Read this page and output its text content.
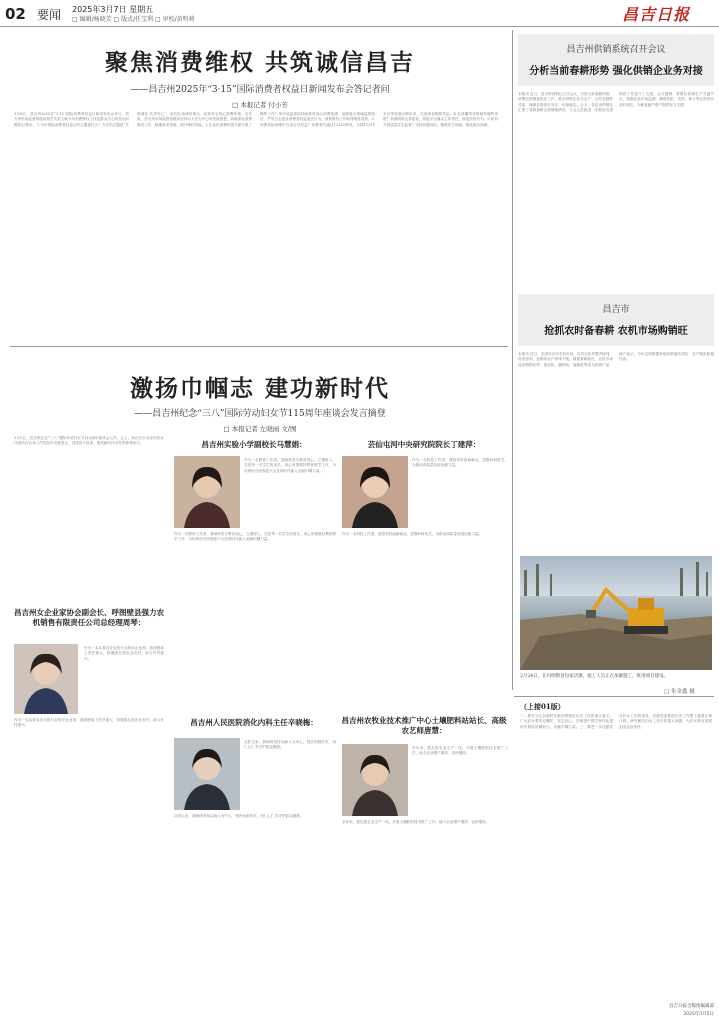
02 要闻 2025年3月7日 星期五
□ 编辑/杨晓芳 □ 版式/任宝利 □ 审校/黄明莉	昌吉日报
聚焦消费维权 共筑诚信昌吉
——昌吉州2025年“3·15”国际消费者权益日新闻发布会答记者问
□ 本报记者 付小芳
3月6日，昌吉州2025年“3·15”国际消费者权益日新闻发布会举行，昌吉州市场监督管理局相关负责人就今年消费维权工作及群众关心的热点问题答记者问。 1.今年国际消费者权益日的主题是什么？今年的主题是“共筑诚信 共享安心”，旨在弘扬诚信理念，营造安全放心消费环境。近年来，昌吉州市场监督管理局坚持以人民为中心的发展思想，持续深化消费维权工作，畅通诉求渠道，提升维权效能。2.在优化消费环境方面开展了哪些工作？州市场监管局持续推进放心消费创建，加强重点领域监管执法，严厉打击侵害消费者权益违法行为，消费维权工作取得明显成效。3.消费者如何维护自身合法权益？消费者可通过12315热线、全国12315平台等渠道反映诉求，注意保存购物凭证。4.在直播带货领域有哪些举措？加强网络交易监管，督促平台落实主体责任，规范经营行为。5.如何开展质量安全监管？坚持问题导向，聚焦民生领域，强化源头治理。
昌吉州供销系统召开会议
分析当前春耕形势 强化供销企业务对接
本报讯 近日，昌吉州供销社召开会议，分析当前春耕形势，部署农资储备供应工作，推动供销企业与农户、合作社精准对接，保障农资供应充足、价格稳定。会上，各县市供销社汇报了春耕备耕农资储备情况，与会人员就进一步做好农资保供工作进行了交流。会议强调，要紧盯春耕生产关键节点，加强农资市场监测，确保化肥、农药、种子等农资供应及时到位，为粮食稳产增产提供有力支撑。
昌吉市
抢抓农时备春耕 农机市场购销旺
本报讯 近日，走进昌吉市农机市场，各类农机具整齐排列，前来咨询、选购的农户络绎不绝。随着春耕临近，农机市场迎来销售旺季，拖拉机、播种机、旋耕机等成为热销产品。商户表示，今年农机购置补贴政策落实到位，农户购机积极性高。
2月24日，在玛纳斯县包家店镇，施工人员正在加紧施工，推进项目建设。
□ 朱金鑫 摄
激扬巾帼志 建功新时代
——昌吉州纪念“三八”国际劳动妇女节115周年座谈会发言摘登
□ 本报记者 左晓雨 文/图
3月5日，昌吉州纪念“三八”国际劳动妇女节115周年座谈会召开。会上，来自各行各业的妇女代表结合自身工作实际作交流发言，讲述奋斗故事，展现新时代女性的使命担当。
昌吉州女企业家协会副会长、呼图壁县强力农机销售有限责任公司总经理周琴：
作为一名从事农业农机行业的女企业家，我深感肩上责任重大，将继续扎根农业农村，助力乡村振兴。
作为一名从事农业农机行业的女企业家，我深感肩上责任重大，将继续扎根农业农村，助力乡村振兴。
昌吉州实验小学副校长马慧娟：
作为一名教育工作者，我始终坚守教育初心，立德树人，关爱每一名学生的成长，用心用情做好教育教学工作，为培养担当民族复兴大任的时代新人贡献巾帼力量。
作为一名教育工作者，我始终坚守教育初心，立德树人，关爱每一名学生的成长，用心用情做好教育教学工作，为培养担当民族复兴大任的时代新人贡献巾帼力量。
昌吉州人民医院消化内科主任辛晓梅：
从医以来，我始终坚持以病人为中心，刻苦钻研医术，用仁心仁术守护群众健康。
从医以来，我始终坚持以病人为中心，刻苦钻研医术，用仁心仁术守护群众健康。
芸仙屯河中央研究院院长丁建萍：
作为一名科技工作者，我将坚持创新驱动，加强科研攻关，为推动高质量发展贡献力量。
作为一名科技工作者，我将坚持创新驱动，加强科研攻关，为推动高质量发展贡献力量。
昌吉州农牧业技术推广中心土壤肥料站站长、高级农艺师唐慧：
多年来，我扎根农业生产一线，开展土壤肥料技术推广工作，助力农业增产增效、农民增收。
多年来，我扎根农业生产一线，开展土壤肥料技术推广工作，助力农业增产增效、农民增收。
（上接01版）
二、要充分认识新时代新征程做好妇女工作的重大意义。广大妇女要牢记嘱托，坚定信心，在推进中国式现代化建设中展现巾帼担当，贡献巾帼力量。三、要进一步加强党对妇女工作的领导，各级党委要把妇女工作摆上重要议事日程，研究解决妇女工作中的重大问题，为妇女事业发展创造良好条件。
昌吉日报全媒体编辑部
2025年3月5日
